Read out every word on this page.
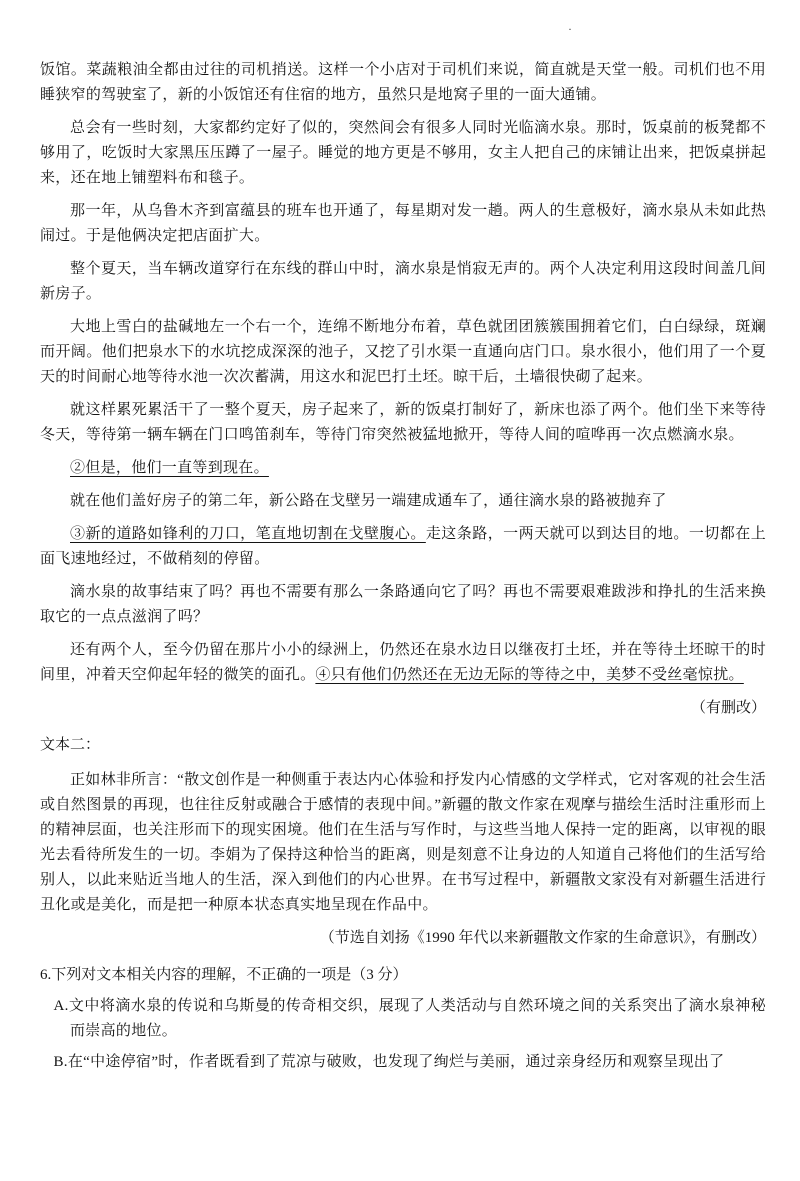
·

饭馆。菜蔬粮油全都由过往的司机捎送。这样一个小店对于司机们来说，简直就是天堂一般。司机们也不用睡狭窄的驾驶室了，新的小饭馆还有住宿的地方，虽然只是地窝子里的一面大通铺。

总会有一些时刻，大家都约定好了似的，突然间会有很多人同时光临滴水泉。那时，饭桌前的板凳都不够用了，吃饭时大家黑压压蹲了一屋子。睡觉的地方更是不够用，女主人把自己的床铺让出来，把饭桌拼起来，还在地上铺塑料布和毯子。

那一年，从乌鲁木齐到富蕴县的班车也开通了，每星期对发一趟。两人的生意极好，滴水泉从未如此热闹过。于是他俩决定把店面扩大。

整个夏天，当车辆改道穿行在东线的群山中时，滴水泉是悄寂无声的。两个人决定利用这段时间盖几间新房子。

大地上雪白的盐碱地左一个右一个，连绵不断地分布着，草色就团团簇簇围拥着它们，白白绿绿，斑斓而开阔。他们把泉水下的水坑挖成深深的池子，又挖了引水渠一直通向店门口。泉水很小，他们用了一个夏天的时间耐心地等待水池一次次蓄满，用这水和泥巴打土坯。晾干后，土墙很快砌了起来。

就这样累死累活干了一整个夏天，房子起来了，新的饭桌打制好了，新床也添了两个。他们坐下来等待冬天，等待第一辆车辆在门口鸣笛刹车，等待门帘突然被猛地掀开，等待人间的喧哗再一次点燃滴水泉。

②但是，他们一直等到现在。

就在他们盖好房子的第二年，新公路在戈壁另一端建成通车了，通往滴水泉的路被抛弃了

③新的道路如锋利的刀口，笔直地切割在戈壁腹心。走这条路，一两天就可以到达目的地。一切都在上面飞速地经过，不做稍刻的停留。

滴水泉的故事结束了吗？再也不需要有那么一条路通向它了吗？再也不需要艰难跋涉和挣扎的生活来换取它的一点点滋润了吗？

还有两个人，至今仍留在那片小小的绿洲上，仍然还在泉水边日以继夜打土坯，并在等待土坯晾干的时间里，冲着天空仰起年轻的微笑的面孔。④只有他们仍然还在无边无际的等待之中，美梦不受丝毫惊扰。

（有删改）

文本二：

正如林非所言：“散文创作是一种侧重于表达内心体验和抒发内心情感的文学样式，它对客观的社会生活或自然图景的再现，也往往反射或融合于感情的表现中间。”新疆的散文作家在观摩与描绘生活时注重形而上的精神层面，也关注形而下的现实困境。他们在生活与写作时，与这些当地人保持一定的距离，以审视的眼光去看待所发生的一切。李娟为了保持这种恰当的距离，则是刻意不让身边的人知道自己将他们的生活写给别人，以此来贴近当地人的生活，深入到他们的内心世界。在书写过程中，新疆散文家没有对新疆生活进行丑化或是美化，而是把一种原本状态真实地呈现在作品中。

（节选自刘扬《1990 年代以来新疆散文作家的生命意识》，有删改）

6.下列对文本相关内容的理解，不正确的一项是（3 分）

A.文中将滴水泉的传说和乌斯曼的传奇相交织，展现了人类活动与自然环境之间的关系突出了滴水泉神秘而崇高的地位。

B.在“中途停宿”时，作者既看到了荒凉与破败，也发现了绚烂与美丽，通过亲身经历和观察呈现出了
